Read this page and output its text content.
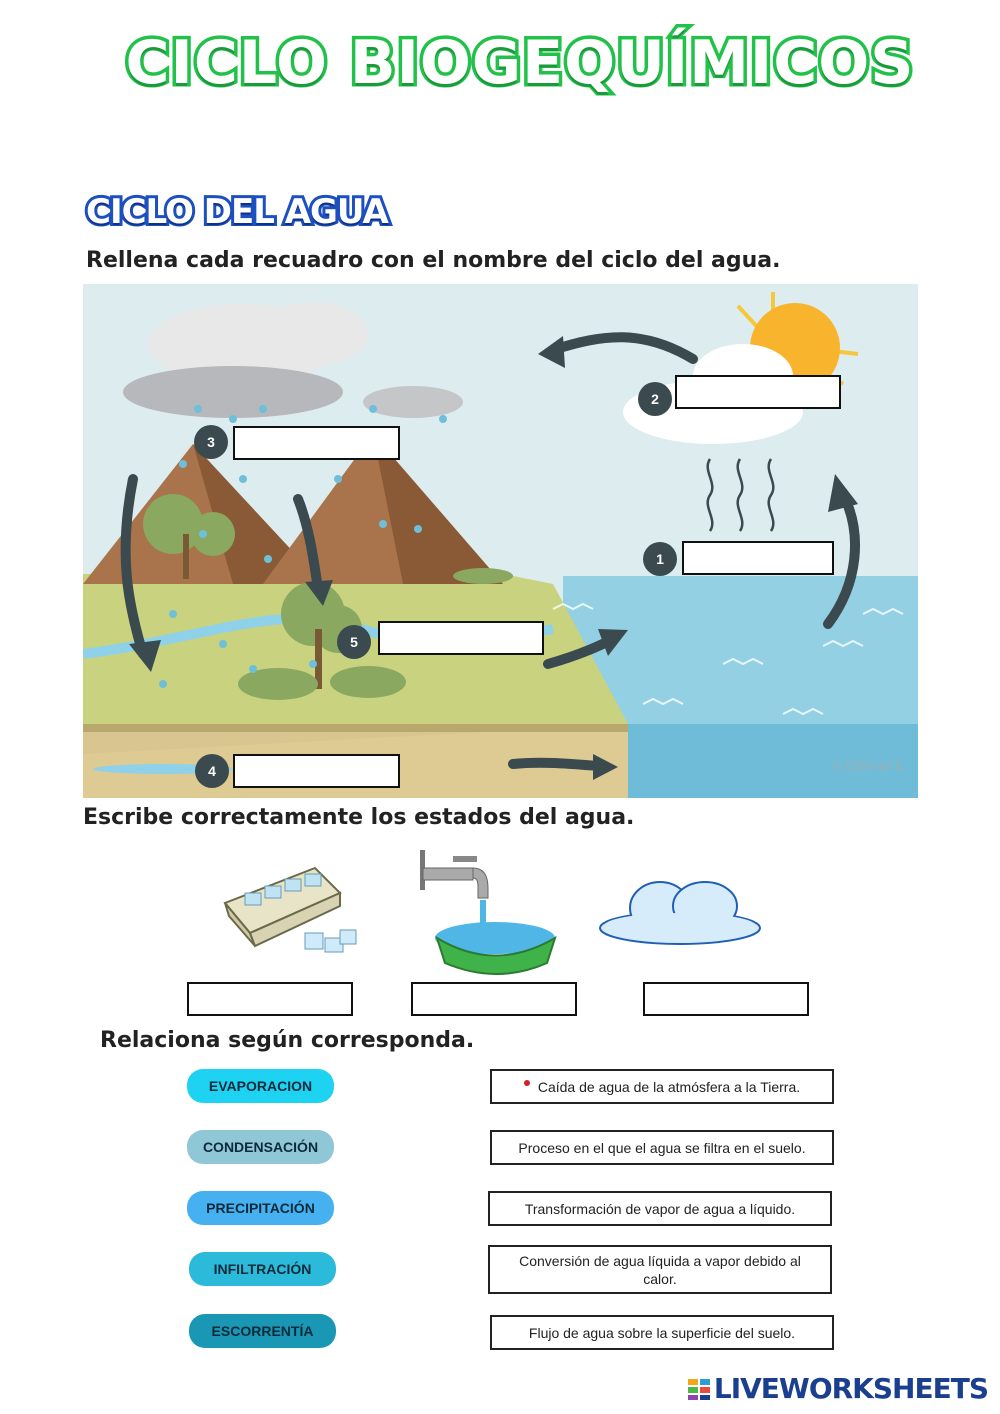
CICLO BIOGEQUÍMICOS
CICLO DEL AGUA
Rellena cada recuadro con el nombre del ciclo del agua.
© Editorial E
1
2
3
4
5
Escribe correctamente los estados del agua.
Relaciona según corresponda.
EVAPORACION
CONDENSACIÓN
PRECIPITACIÓN
INFILTRACIÓN
ESCORRENTÍA
Caída de agua de la atmósfera a la Tierra.
Proceso en el que el agua se filtra en el suelo.
Transformación de vapor de agua a líquido.
Conversión de agua líquida a vapor debido al calor.
Flujo de agua sobre la superficie del suelo.
LIVEWORKSHEETS
